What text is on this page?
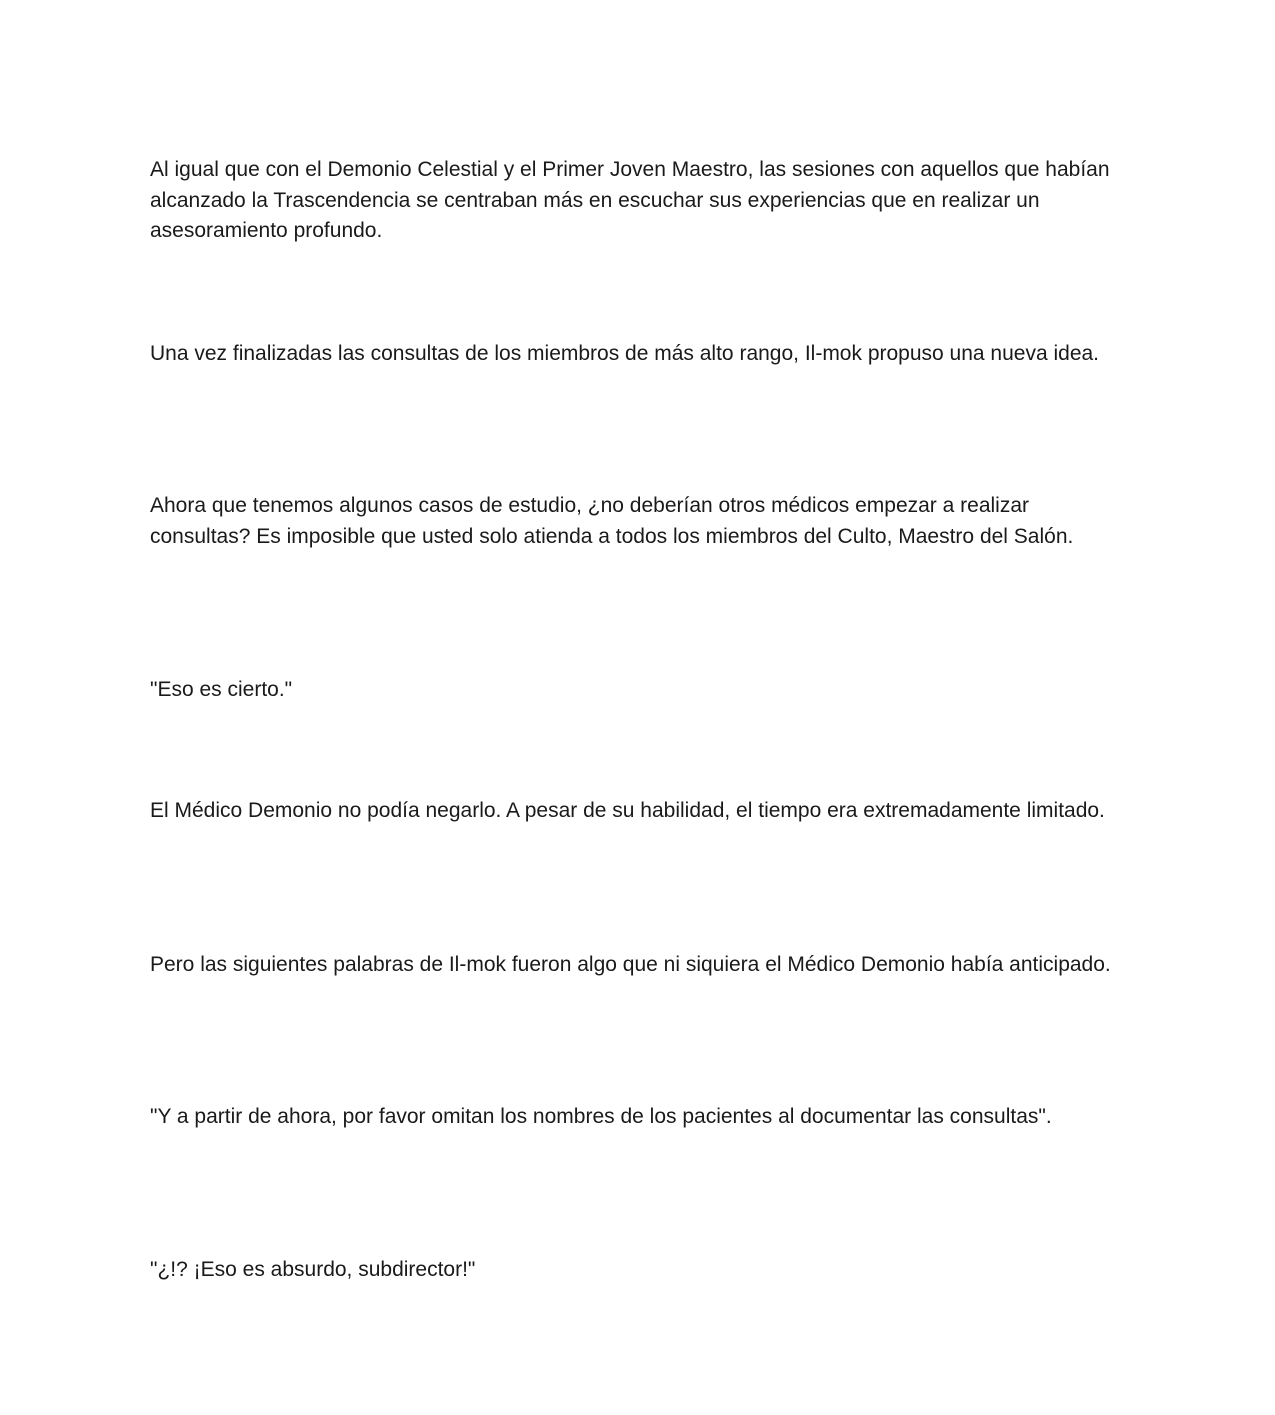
Al igual que con el Demonio Celestial y el Primer Joven Maestro, las sesiones con aquellos que habían alcanzado la Trascendencia se centraban más en escuchar sus experiencias que en realizar un asesoramiento profundo.

Una vez finalizadas las consultas de los miembros de más alto rango, Il-mok propuso una nueva idea.

Ahora que tenemos algunos casos de estudio, ¿no deberían otros médicos empezar a realizar consultas? Es imposible que usted solo atienda a todos los miembros del Culto, Maestro del Salón.

"Eso es cierto."

El Médico Demonio no podía negarlo. A pesar de su habilidad, el tiempo era extremadamente limitado.

Pero las siguientes palabras de Il-mok fueron algo que ni siquiera el Médico Demonio había anticipado.

"Y a partir de ahora, por favor omitan los nombres de los pacientes al documentar las consultas".

"¿!? ¡Eso es absurdo, subdirector!"
